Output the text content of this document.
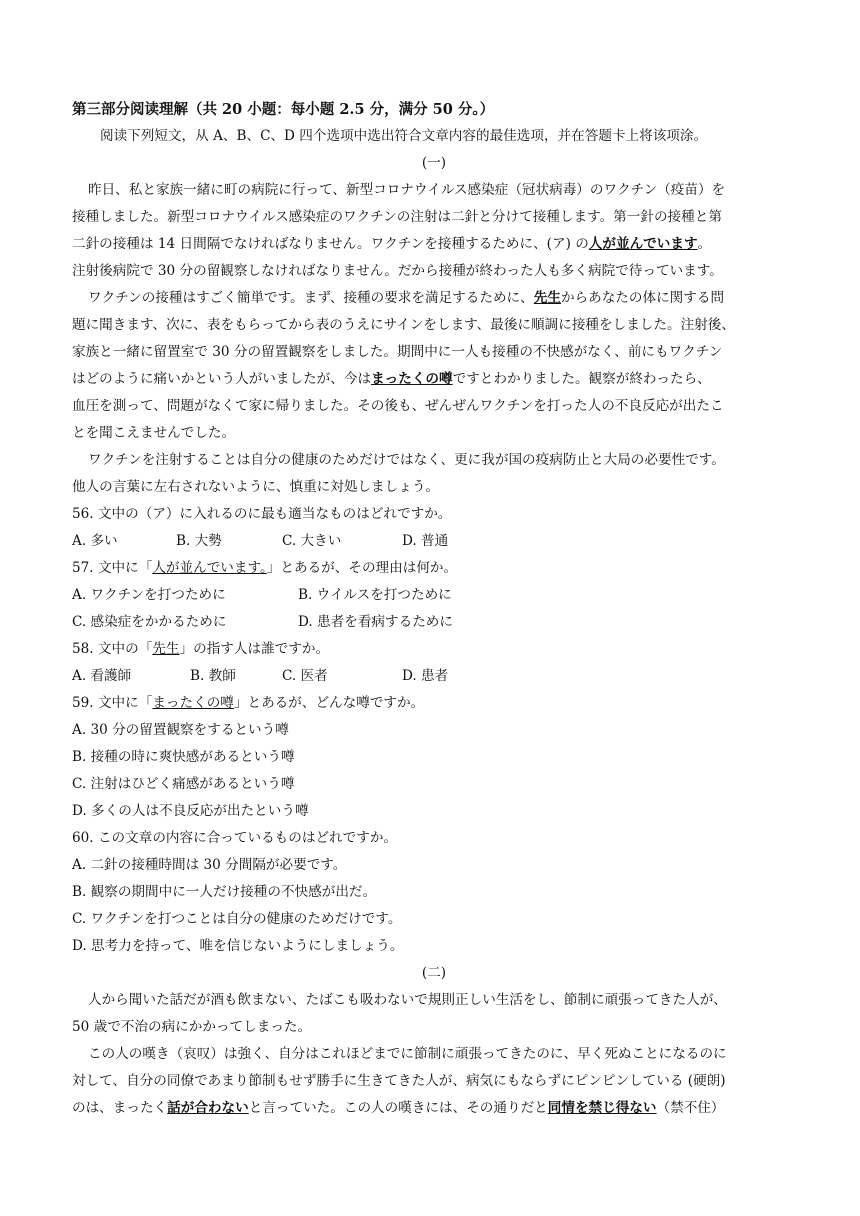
第三部分阅读理解（共 20 小题：每小题 2.5 分，满分 50 分。）
阅读下列短文，从 A、B、C、D 四个选项中选出符合文章内容的最佳选项，并在答题卡上将该项涂。
(一)
昨日、私と家族一緒に町の病院に行って、新型コロナウイルス感染症（冠状病毒）のワクチン（疫苗）を
接種しました。新型コロナウイルス感染症のワクチンの注射は二針と分けて接種します。第一針の接種と第
二針の接種は 14 日間隔でなければなりません。ワクチンを接種するために、(ア) の人が並んでいます。
注射後病院で 30 分の留観察しなければなりません。だから接種が終わった人も多く病院で待っています。
ワクチンの接種はすごく簡単です。まず、接種の要求を満足するために、先生からあなたの体に関する問
題に聞きます、次に、表をもらってから表のうえにサインをします、最後に順調に接種をしました。注射後、
家族と一緒に留置室で 30 分の留置観察をしました。期間中に一人も接種の不快感がなく、前にもワクチン
はどのように痛いかという人がいましたが、今はまったくの噂ですとわかりました。観察が終わったら、
血圧を測って、問題がなくて家に帰りました。その後も、ぜんぜんワクチンを打った人の不良反応が出たこ
とを聞こえませんでした。
ワクチンを注射することは自分の健康のためだけではなく、更に我が国の疫病防止と大局の必要性です。
他人の言葉に左右されないように、慎重に対処しましょう。
56. 文中の（ア）に入れるのに最も適当なものはどれですか。
A. 多い	B. 大勢	C. 大きい	D. 普通
57. 文中に「人が並んでいます。」とあるが、その理由は何か。
A. ワクチンを打つために	B. ウイルスを打つために
C. 感染症をかかるために	D. 患者を看病するために
58. 文中の「先生」の指す人は誰ですか。
A. 看護師	B. 教師	C. 医者	D. 患者
59. 文中に「まったくの噂」とあるが、どんな噂ですか。
A. 30 分の留置観察をするという噂
B. 接種の時に爽快感があるという噂
C. 注射はひどく痛感があるという噂
D. 多くの人は不良反応が出たという噂
60. この文章の内容に合っているものはどれですか。
A. 二針の接種時間は 30 分間隔が必要です。
B. 観察の期間中に一人だけ接種の不快感が出だ。
C. ワクチンを打つことは自分の健康のためだけです。
D. 思考力を持って、唯を信じないようにしましょう。
(二)
人から聞いた話だが酒も飲まない、たばこも吸わないで規則正しい生活をし、節制に頑張ってきた人が、
50 歳で不治の病にかかってしまった。
この人の嘆き（哀叹）は強く、自分はこれほどまでに節制に頑張ってきたのに、早く死ぬことになるのに
対して、自分の同僚であまり節制もせず勝手に生きてきた人が、病気にもならずにピンピンしている (硬朗)
のは、まったく話が合わないと言っていた。この人の嘆きには、その通りだと同情を禁じ得ない（禁不住）
